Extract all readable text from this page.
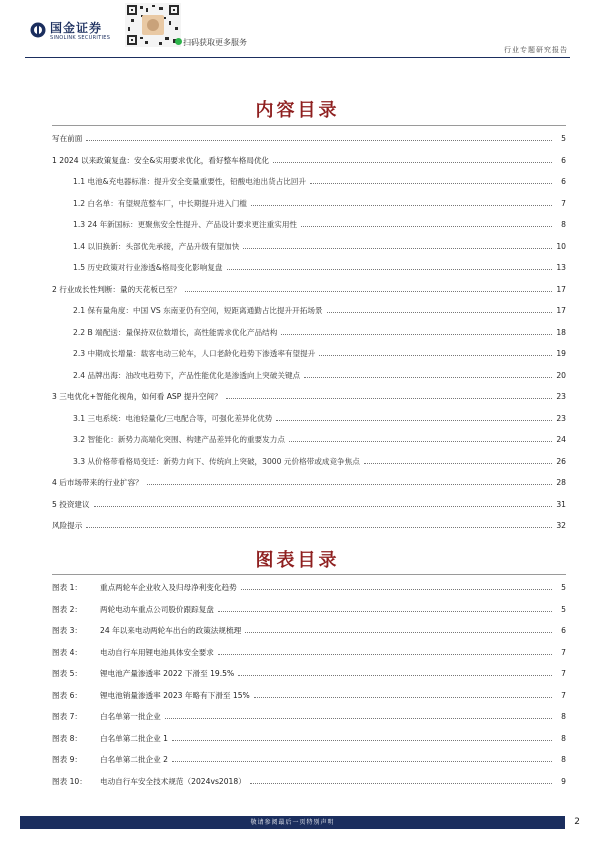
国金证券
SINOLINK SECURITIES	扫码获取更多服务
行业专题研究报告
内容目录
写在前面	5
1 2024 以来政策复盘：安全&实用要求优化，看好整车格局优化	6
1.1 电池&充电器标准：提升安全变量重要性，铅酸电池出货占比回升	6
1.2 白名单：有望规范整车厂，中长期提升进入门槛	7
1.3 24 年新国标：更聚焦安全性提升、产品设计要求更注重实用性	8
1.4 以旧换新：头部优先承接，产品升级有望加快	10
1.5 历史政策对行业渗透&格局变化影响复盘	13
2 行业成长性判断：量的天花板已至？	17
2.1 保有量角度：中国 VS 东南亚仍有空间，短距离通勤占比提升开拓场景	17
2.2 B 端配送：量保持双位数增长，高性能需求优化产品结构	18
2.3 中期成长增量：载客电动三轮车，人口老龄化趋势下渗透率有望提升	19
2.4 品牌出海：油改电趋势下，产品性能优化是渗透向上突破关键点	20
3 三电优化+智能化视角，如何看 ASP 提升空间？	23
3.1 三电系统：电池轻量化/三电配合等，可强化差异化优势	23
3.2 智能化：新势力高端化突围、构建产品差异化的重要发力点	24
3.3 从价格带看格局变迁：新势力向下、传统向上突破，3000 元价格带或成竞争焦点	26
4 后市场带来的行业扩容？	28
5 投资建议	31
风险提示	32
图表目录
图表 1：	重点两轮车企业收入及归母净利变化趋势	5
图表 2：	两轮电动车重点公司股价跟踪复盘	5
图表 3：	24 年以来电动两轮车出台的政策法规梳理	6
图表 4：	电动自行车用锂电池具体安全要求	7
图表 5：	锂电池产量渗透率 2022 下滑至 19.5%	7
图表 6：	锂电池销量渗透率 2023 年略有下滑至 15%	7
图表 7：	白名单第一批企业	8
图表 8：	白名单第二批企业 1	8
图表 9：	白名单第二批企业 2	8
图表 10：	电动自行车安全技术规范（2024vs2018）	9
敬请参阅最后一页特别声明	2
